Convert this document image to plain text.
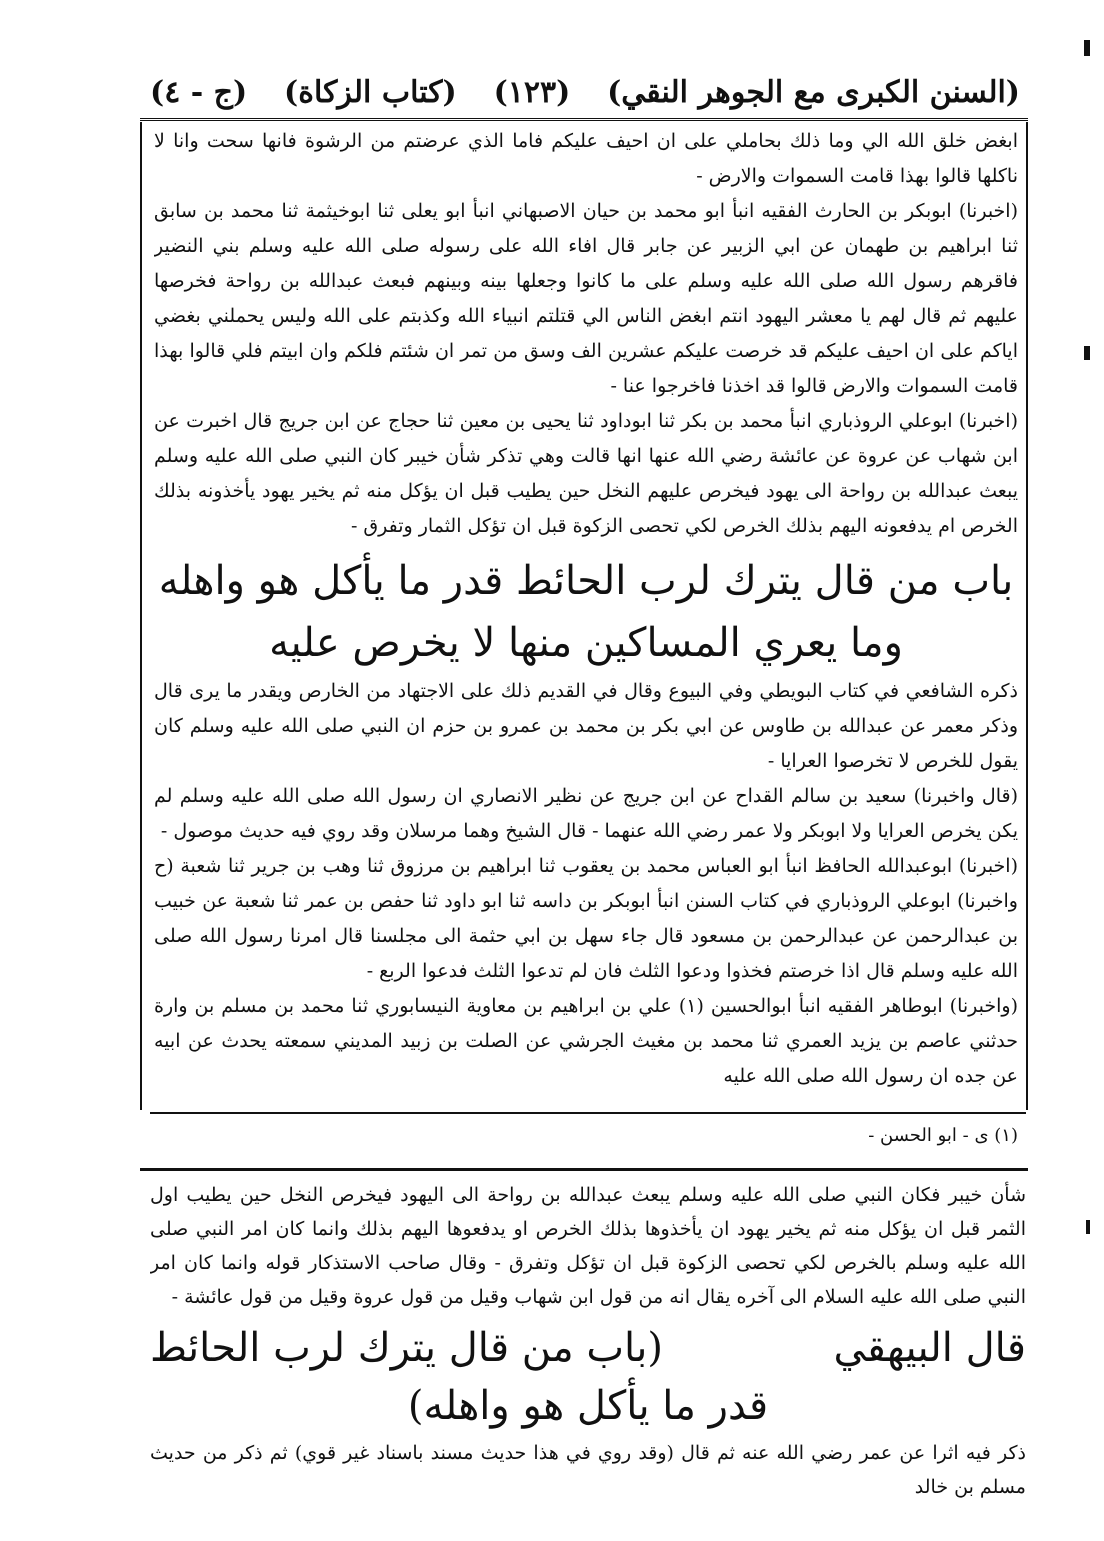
(السنن الكبرى مع الجوهر النقي)
(١٢٣)
(كتاب الزكاة)
(ج - ٤)

ابغض خلق الله الي وما ذلك بحاملي على ان احيف عليكم فاما الذي عرضتم من الرشوة فانها سحت وانا لا ناكلها قالوا بهذا قامت السموات والارض -

(اخبرنا) ابوبكر بن الحارث الفقيه انبأ ابو محمد بن حيان الاصبهاني انبأ ابو يعلى ثنا ابوخيثمة ثنا محمد بن سابق ثنا ابراهيم بن طهمان عن ابي الزبير عن جابر قال افاء الله على رسوله صلى الله عليه وسلم بني النضير فاقرهم رسول الله صلى الله عليه وسلم على ما كانوا وجعلها بينه وبينهم فبعث عبدالله بن رواحة فخرصها عليهم ثم قال لهم يا معشر اليهود انتم ابغض الناس الي قتلتم انبياء الله وكذبتم على الله وليس يحملني بغضي اياكم على ان احيف عليكم قد خرصت عليكم عشرين الف وسق من تمر ان شئتم فلكم وان ابيتم فلي قالوا بهذا قامت السموات والارض قالوا قد اخذنا فاخرجوا عنا -

(اخبرنا) ابوعلي الروذباري انبأ محمد بن بكر ثنا ابوداود ثنا يحيى بن معين ثنا حجاج عن ابن جريج قال اخبرت عن ابن شهاب عن عروة عن عائشة رضي الله عنها انها قالت وهي تذكر شأن خيبر كان النبي صلى الله عليه وسلم يبعث عبدالله بن رواحة الى يهود فيخرص عليهم النخل حين يطيب قبل ان يؤكل منه ثم يخير يهود يأخذونه بذلك الخرص ام يدفعونه اليهم بذلك الخرص لكي تحصى الزكوة قبل ان تؤكل الثمار وتفرق -

باب من قال يترك لرب الحائط قدر ما يأكل هو واهله
وما يعري المساكين منها لا يخرص عليه

ذكره الشافعي في كتاب البويطي وفي البيوع وقال في القديم ذلك على الاجتهاد من الخارص ويقدر ما يرى قال وذكر معمر عن عبدالله بن طاوس عن ابي بكر بن محمد بن عمرو بن حزم ان النبي صلى الله عليه وسلم كان يقول للخرص لا تخرصوا العرايا -

(قال واخبرنا) سعيد بن سالم القداح عن ابن جريج عن نظير الانصاري ان رسول الله صلى الله عليه وسلم لم يكن يخرص العرايا ولا ابوبكر ولا عمر رضي الله عنهما - قال الشيخ وهما مرسلان وقد روي فيه حديث موصول -

(اخبرنا) ابوعبدالله الحافظ انبأ ابو العباس محمد بن يعقوب ثنا ابراهيم بن مرزوق ثنا وهب بن جرير ثنا شعبة (ح واخبرنا) ابوعلي الروذباري في كتاب السنن انبأ ابوبكر بن داسه ثنا ابو داود ثنا حفص بن عمر ثنا شعبة عن خبيب بن عبدالرحمن عن عبدالرحمن بن مسعود قال جاء سهل بن ابي حثمة الى مجلسنا قال امرنا رسول الله صلى الله عليه وسلم قال اذا خرصتم فخذوا ودعوا الثلث فان لم تدعوا الثلث فدعوا الربع -

(واخبرنا) ابوطاهر الفقيه انبأ ابوالحسين (١) علي بن ابراهيم بن معاوية النيسابوري ثنا محمد بن مسلم بن وارة حدثني عاصم بن يزيد العمري ثنا محمد بن مغيث الجرشي عن الصلت بن زبيد المديني سمعته يحدث عن ابيه عن جده ان رسول الله صلى الله عليه

(١) ى - ابو الحسن -

شأن خيبر فكان النبي صلى الله عليه وسلم يبعث عبدالله بن رواحة الى اليهود فيخرص النخل حين يطيب اول الثمر قبل ان يؤكل منه ثم يخير يهود ان يأخذوها بذلك الخرص او يدفعوها اليهم بذلك وانما كان امر النبي صلى الله عليه وسلم بالخرص لكي تحصى الزكوة قبل ان تؤكل وتفرق - وقال صاحب الاستذكار قوله وانما كان امر النبي صلى الله عليه السلام الى آخره يقال انه من قول ابن شهاب وقيل من قول عروة وقيل من قول عائشة -

قال البيهقي
(باب من قال يترك لرب الحائط
قدر ما يأكل هو واهله)

ذكر فيه اثرا عن عمر رضي الله عنه ثم قال (وقد روي في هذا حديث مسند باسناد غير قوي) ثم ذكر من حديث مسلم بن خالد
